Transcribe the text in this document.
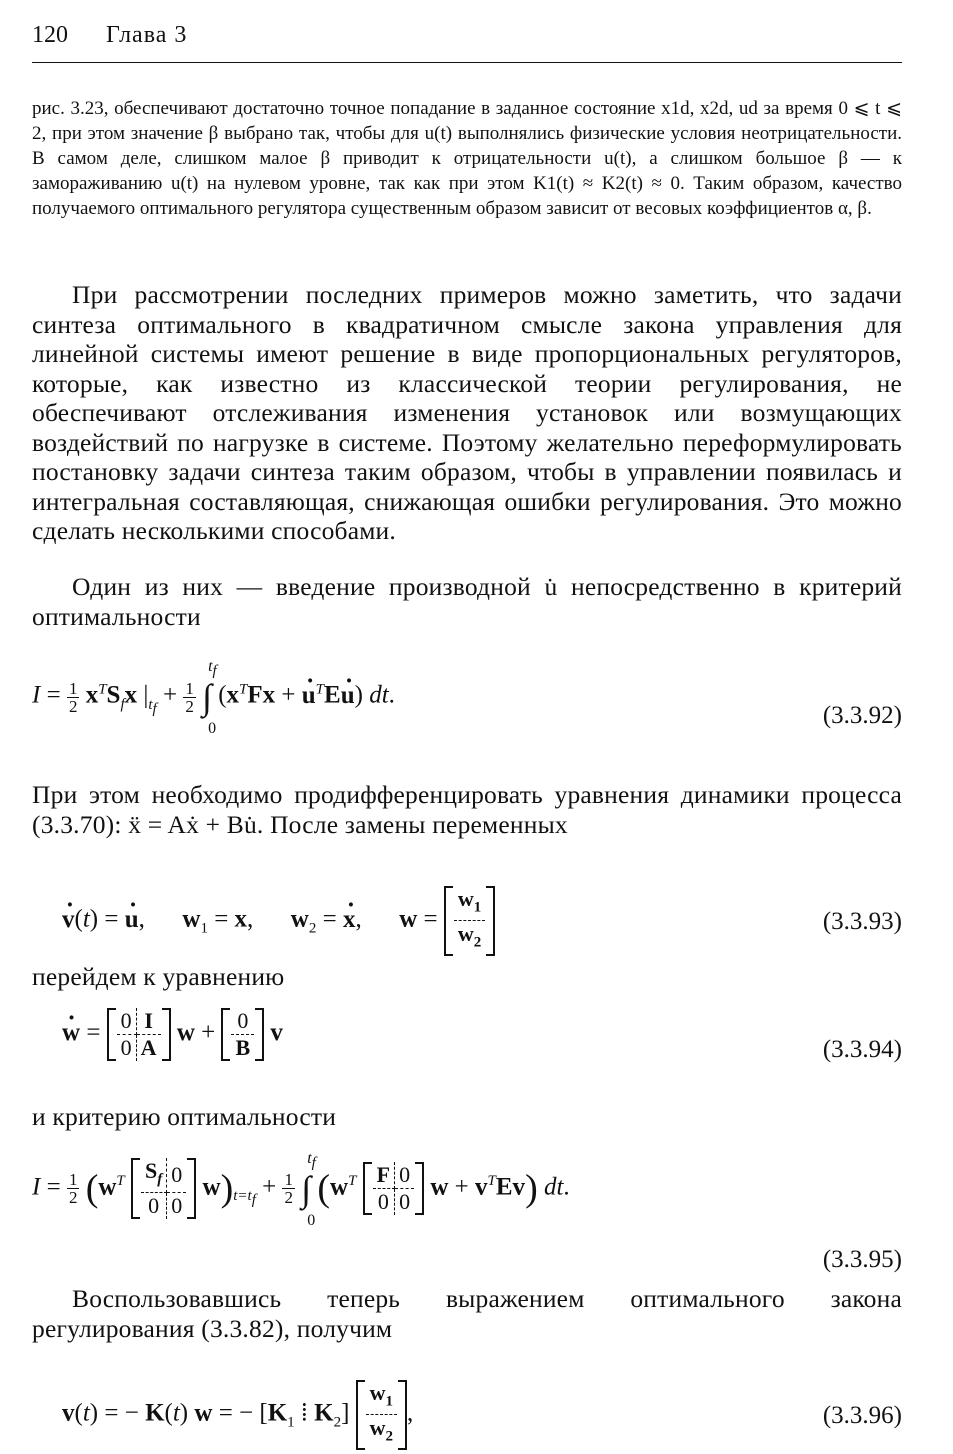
120 Глава 3

рис. 3.23, обеспечивают достаточно точное попадание в заданное состояние x1d, x2d, ud за время 0 ⩽ t ⩽ 2, при этом значение β выбрано так, чтобы для u(t) выполнялись физические условия неотрицательности. В самом деле, слишком малое β приводит к отрицательности u(t), а слишком большое β — к замораживанию u(t) на нулевом уровне, так как при этом K1(t) ≈ K2(t) ≈ 0. Таким образом, качество получаемого оптимального регулятора существенным образом зависит от весовых коэффициентов α, β.

При рассмотрении последних примеров можно заметить, что задачи синтеза оптимального в квадратичном смысле закона управления для линейной системы имеют решение в виде пропорциональных регуляторов, которые, как известно из классической теории регулирования, не обеспечивают отслеживания изменения установок или возмущающих воздействий по нагрузке в системе. Поэтому желательно переформулировать постановку задачи синтеза таким образом, чтобы в управлении появилась и интегральная составляющая, снижающая ошибки регулирования. Это можно сделать несколькими способами.

Один из них — введение производной u̇ непосредственно в критерий оптимальности

$I = \frac{1}{2} x^TS_fx$ $|_{t_f} + \frac{1}{2}$ ∫
$t_f$
0
($x^TFx + u \cdot^TEu$ ·) dt.
(3.3.92)

При этом необходимо продифференцировать уравнения динамики процесса (3.3.70): ẍ = Aẋ + Bu̇. После замены переменных

v ·(t) = u ·,      $w_1 = x$,      $w_2 = x$ ·,      w =
$w_1$
$w_2$
(3.3.93)

перейдем к уравнению

w · = 0	I
0	A
w + 0
B
v
(3.3.94)

и критерию оптимальности

$I = \frac{1}{2} (w^T$ $S_f$	0
0	0
$w)_{t=t_f} + \frac{1}{2}$ ∫
$t_f$
0
($w^T$ F	0
0	0
$w + v^TEv$) dt.
(3.3.95)

Воспользовавшись теперь выражением оптимального закона регулирования (3.3.82), получим

v(t) = − K(t) w = − [$K_1$ ⁞ $K_2$]
$w_1$
$w_2$
,	(3.3.96)
